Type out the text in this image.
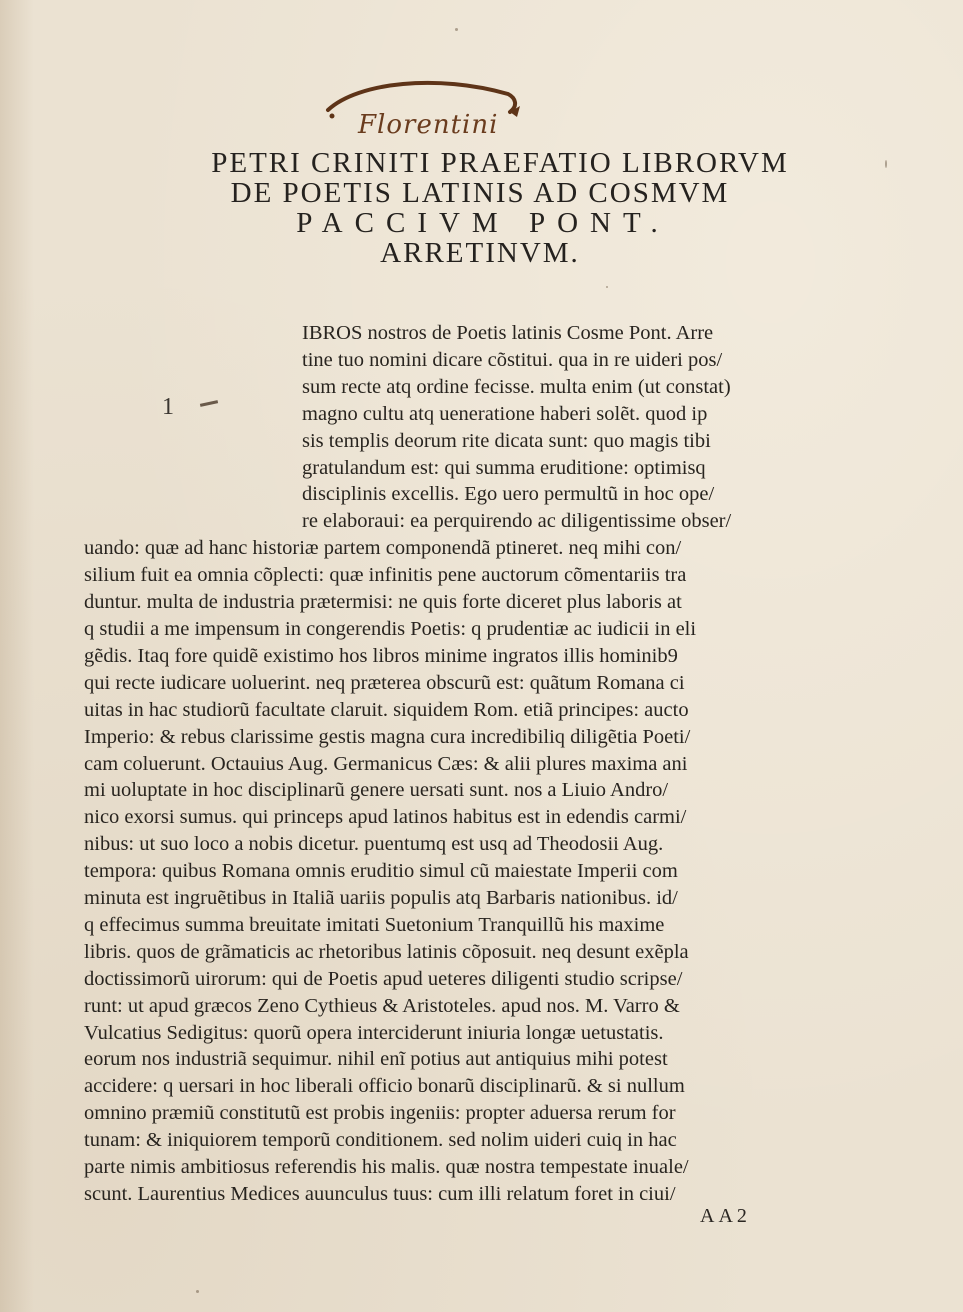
Florentini
PETRI CRINITI PRAEFATIO LIBRORVM
DE POETIS LATINIS AD COSMVM
PACCIVM PONT.
ARRETINVM.
1
IBROS nostros de Poetis latinis Cosme Pont. Arre
tine tuo nomini dicare cõstitui. qua in re uideri pos/
sum recte atq ordine fecisse. multa enim (ut constat)
magno cultu atq ueneratione haberi solẽt. quod ip
sis templis deorum rite dicata sunt: quo magis tibi
gratulandum est: qui summa eruditione: optimisq
disciplinis excellis. Ego uero permultũ in hoc ope/
re elaboraui: ea perquirendo ac diligentissime obser/
uando: quæ ad hanc historiæ partem componendã ptineret. neq mihi con/
silium fuit ea omnia cõplecti: quæ infinitis pene auctorum cõmentariis tra
duntur. multa de industria prætermisi: ne quis forte diceret plus laboris at
q studii a me impensum in congerendis Poetis: q prudentiæ ac iudicii in eli
gẽdis. Itaq fore quidẽ existimo hos libros minime ingratos illis hominib9
qui recte iudicare uoluerint. neq præterea obscurũ est: quãtum Romana ci
uitas in hac studiorũ facultate claruit. siquidem Rom. etiã principes: aucto
Imperio: & rebus clarissime gestis magna cura incredibiliq diligẽtia Poeti/
cam coluerunt. Octauius Aug. Germanicus Cæs: & alii plures maxima ani
mi uoluptate in hoc disciplinarũ genere uersati sunt. nos a Liuio Andro/
nico exorsi sumus. qui princeps apud latinos habitus est in edendis carmi/
nibus: ut suo loco a nobis dicetur. puentumq est usq ad Theodosii Aug.
tempora: quibus Romana omnis eruditio simul cũ maiestate Imperii com
minuta est ingruẽtibus in Italiã uariis populis atq Barbaris nationibus. id/
q effecimus summa breuitate imitati Suetonium Tranquillũ his maxime
libris. quos de grãmaticis ac rhetoribus latinis cõposuit. neq desunt exẽpla
doctissimorũ uirorum: qui de Poetis apud ueteres diligenti studio scripse/
runt: ut apud græcos Zeno Cythieus & Aristoteles. apud nos. M. Varro &
Vulcatius Sedigitus: quorũ opera interciderunt iniuria longæ uetustatis.
eorum nos industriã sequimur. nihil enĩ potius aut antiquius mihi potest
accidere: q uersari in hoc liberali officio bonarũ disciplinarũ. & si nullum
omnino præmiũ constitutũ est probis ingeniis: propter aduersa rerum for
tunam: & iniquiorem temporũ conditionem. sed nolim uideri cuiq in hac
parte nimis ambitiosus referendis his malis. quæ nostra tempestate inuale/
scunt. Laurentius Medices auunculus tuus: cum illi relatum foret in ciui/
AA2
